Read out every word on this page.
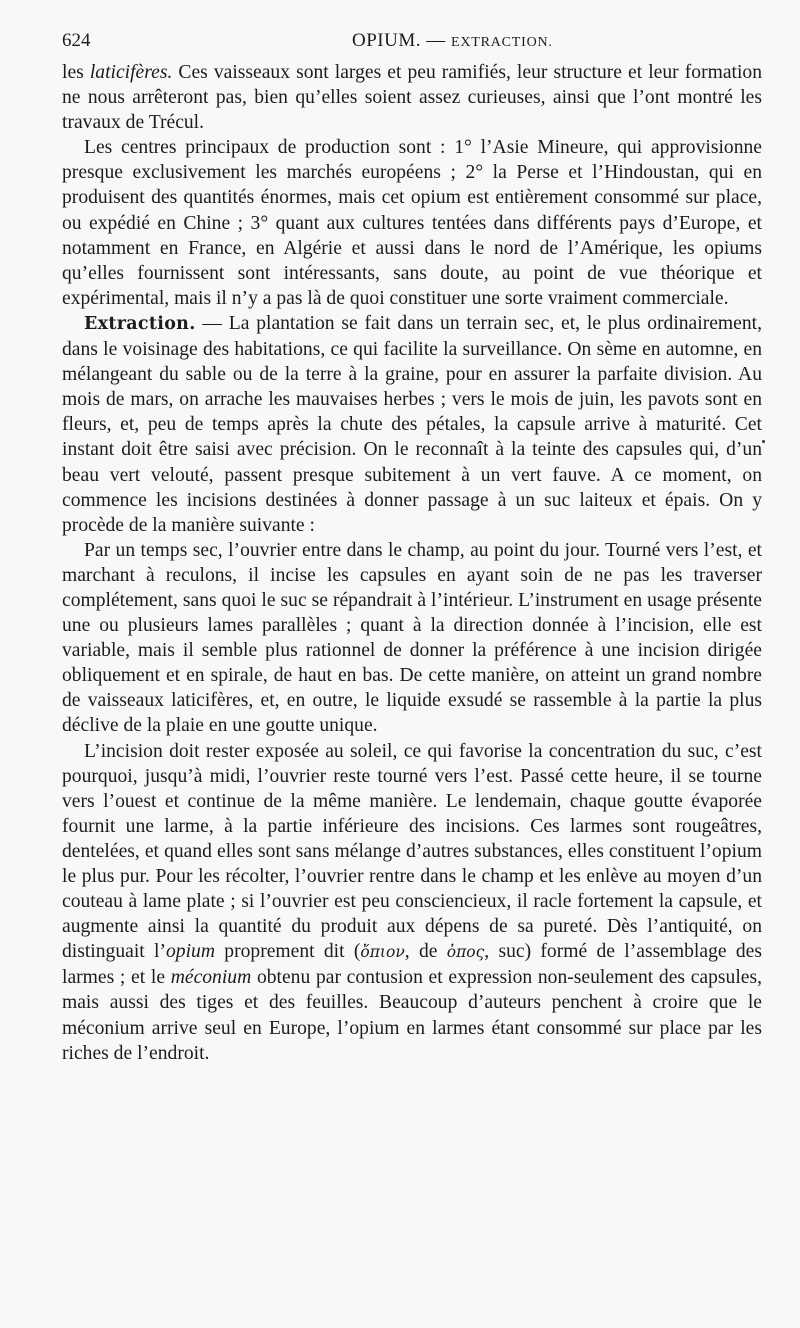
624	OPIUM. — EXTRACTION.

les laticifères. Ces vaisseaux sont larges et peu ramifiés, leur structure et leur formation ne nous arrêteront pas, bien qu’elles soient assez curieuses, ainsi que l’ont montré les travaux de Trécul.

Les centres principaux de production sont : 1° l’Asie Mineure, qui approvisionne presque exclusivement les marchés européens ; 2° la Perse et l’Hindoustan, qui en produisent des quantités énormes, mais cet opium est entièrement consommé sur place, ou expédié en Chine ; 3° quant aux cultures tentées dans différents pays d’Europe, et notamment en France, en Algérie et aussi dans le nord de l’Amérique, les opiums qu’elles fournissent sont intéressants, sans doute, au point de vue théorique et expérimental, mais il n’y a pas là de quoi constituer une sorte vraiment commerciale.

Extraction. — La plantation se fait dans un terrain sec, et, le plus ordinairement, dans le voisinage des habitations, ce qui facilite la surveillance. On sème en automne, en mélangeant du sable ou de la terre à la graine, pour en assurer la parfaite division. Au mois de mars, on arrache les mauvaises herbes ; vers le mois de juin, les pavots sont en fleurs, et, peu de temps après la chute des pétales, la capsule arrive à maturité. Cet instant doit être saisi avec précision. On le reconnaît à la teinte des capsules qui, d’un beau vert velouté, passent presque subitement à un vert fauve. A ce moment, on commence les incisions destinées à donner passage à un suc laiteux et épais. On y procède de la manière suivante :

Par un temps sec, l’ouvrier entre dans le champ, au point du jour. Tourné vers l’est, et marchant à reculons, il incise les capsules en ayant soin de ne pas les traverser complétement, sans quoi le suc se répandrait à l’intérieur. L’instrument en usage présente une ou plusieurs lames parallèles ; quant à la direction donnée à l’incision, elle est variable, mais il semble plus rationnel de donner la préférence à une incision dirigée obliquement et en spirale, de haut en bas. De cette manière, on atteint un grand nombre de vaisseaux laticifères, et, en outre, le liquide exsudé se rassemble à la partie la plus déclive de la plaie en une goutte unique.

L’incision doit rester exposée au soleil, ce qui favorise la concentration du suc, c’est pourquoi, jusqu’à midi, l’ouvrier reste tourné vers l’est. Passé cette heure, il se tourne vers l’ouest et continue de la même manière. Le lendemain, chaque goutte évaporée fournit une larme, à la partie inférieure des incisions. Ces larmes sont rougeâtres, dentelées, et quand elles sont sans mélange d’autres substances, elles constituent l’opium le plus pur. Pour les récolter, l’ouvrier rentre dans le champ et les enlève au moyen d’un couteau à lame plate ; si l’ouvrier est peu consciencieux, il racle fortement la capsule, et augmente ainsi la quantité du produit aux dépens de sa pureté. Dès l’antiquité, on distinguait l’opium proprement dit (ὄπιον, de ὀπος, suc) formé de l’assemblage des larmes ; et le méconium obtenu par contusion et expression non-seulement des capsules, mais aussi des tiges et des feuilles. Beaucoup d’auteurs penchent à croire que le méconium arrive seul en Europe, l’opium en larmes étant consommé sur place par les riches de l’endroit.
